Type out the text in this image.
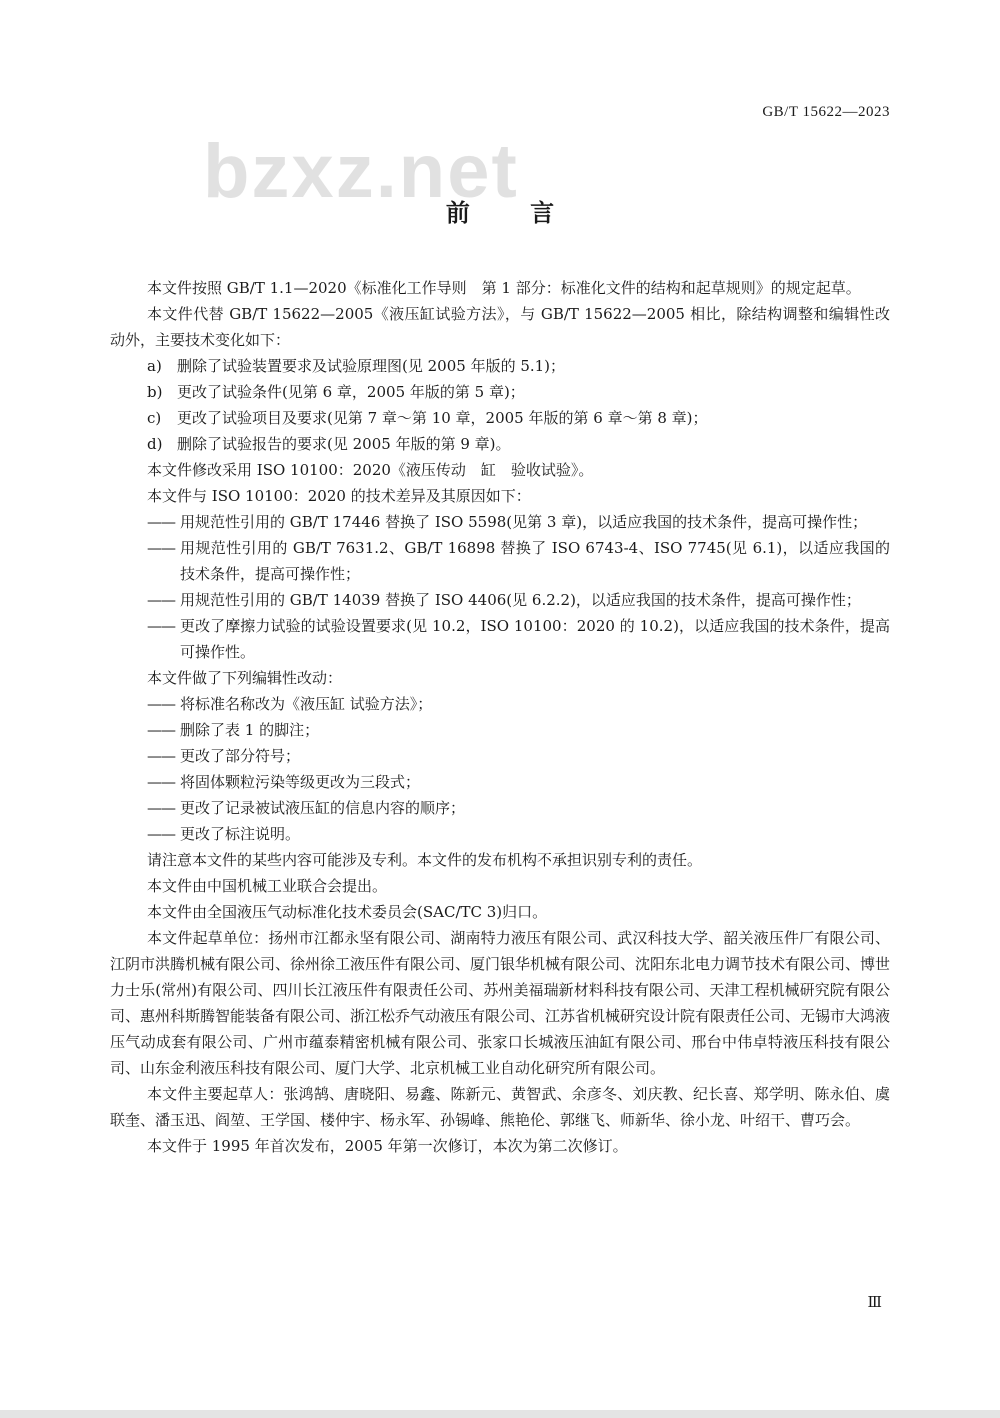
GB/T 15622—2023
bzxz.net
前 言

本文件按照 GB/T 1.1—2020《标准化工作导则　第 1 部分：标准化文件的结构和起草规则》的规定起草。

本文件代替 GB/T 15622—2005《液压缸试验方法》，与 GB/T 15622—2005 相比，除结构调整和编辑性改动外，主要技术变化如下：

a)	删除了试验装置要求及试验原理图(见 2005 年版的 5.1)；
b) 更改了试验条件(见第 6 章，2005 年版的第 5 章)；
c)	更改了试验项目及要求(见第 7 章～第 10 章，2005 年版的第 6 章～第 8 章)；
d) 删除了试验报告的要求(见 2005 年版的第 9 章)。

本文件修改采用 ISO 10100：2020《液压传动　缸　验收试验》。

本文件与 ISO 10100：2020 的技术差异及其原因如下：

—— 用规范性引用的 GB/T 17446 替换了 ISO 5598(见第 3 章)，以适应我国的技术条件，提高可操作性；
—— 用规范性引用的 GB/T 7631.2、GB/T 16898 替换了 ISO 6743-4、ISO 7745(见 6.1)，以适应我国的技术条件，提高可操作性；
—— 用规范性引用的 GB/T 14039 替换了 ISO 4406(见 6.2.2)，以适应我国的技术条件，提高可操作性；
—— 更改了摩擦力试验的试验设置要求(见 10.2，ISO 10100：2020 的 10.2)，以适应我国的技术条件，提高可操作性。

本文件做了下列编辑性改动：

—— 将标准名称改为《液压缸 试验方法》；
—— 删除了表 1 的脚注；
—— 更改了部分符号；
—— 将固体颗粒污染等级更改为三段式；
—— 更改了记录被试液压缸的信息内容的顺序；
—— 更改了标注说明。

请注意本文件的某些内容可能涉及专利。本文件的发布机构不承担识别专利的责任。

本文件由中国机械工业联合会提出。

本文件由全国液压气动标准化技术委员会(SAC/TC 3)归口。

本文件起草单位：扬州市江都永坚有限公司、湖南特力液压有限公司、武汉科技大学、韶关液压件厂有限公司、江阴市洪腾机械有限公司、徐州徐工液压件有限公司、厦门银华机械有限公司、沈阳东北电力调节技术有限公司、博世力士乐(常州)有限公司、四川长江液压件有限责任公司、苏州美福瑞新材料科技有限公司、天津工程机械研究院有限公司、惠州科斯腾智能装备有限公司、浙江松乔气动液压有限公司、江苏省机械研究设计院有限责任公司、无锡市大鸿液压气动成套有限公司、广州市蕴泰精密机械有限公司、张家口长城液压油缸有限公司、邢台中伟卓特液压科技有限公司、山东金利液压科技有限公司、厦门大学、北京机械工业自动化研究所有限公司。

本文件主要起草人：张鸿鹄、唐晓阳、易鑫、陈新元、黄智武、余彦冬、刘庆教、纪长喜、郑学明、陈永伯、虞联奎、潘玉迅、阎堃、王学国、楼仲宇、杨永军、孙锡峰、熊艳伦、郭继飞、师新华、徐小龙、叶绍干、曹巧会。

本文件于 1995 年首次发布，2005 年第一次修订，本次为第二次修订。

Ⅲ
